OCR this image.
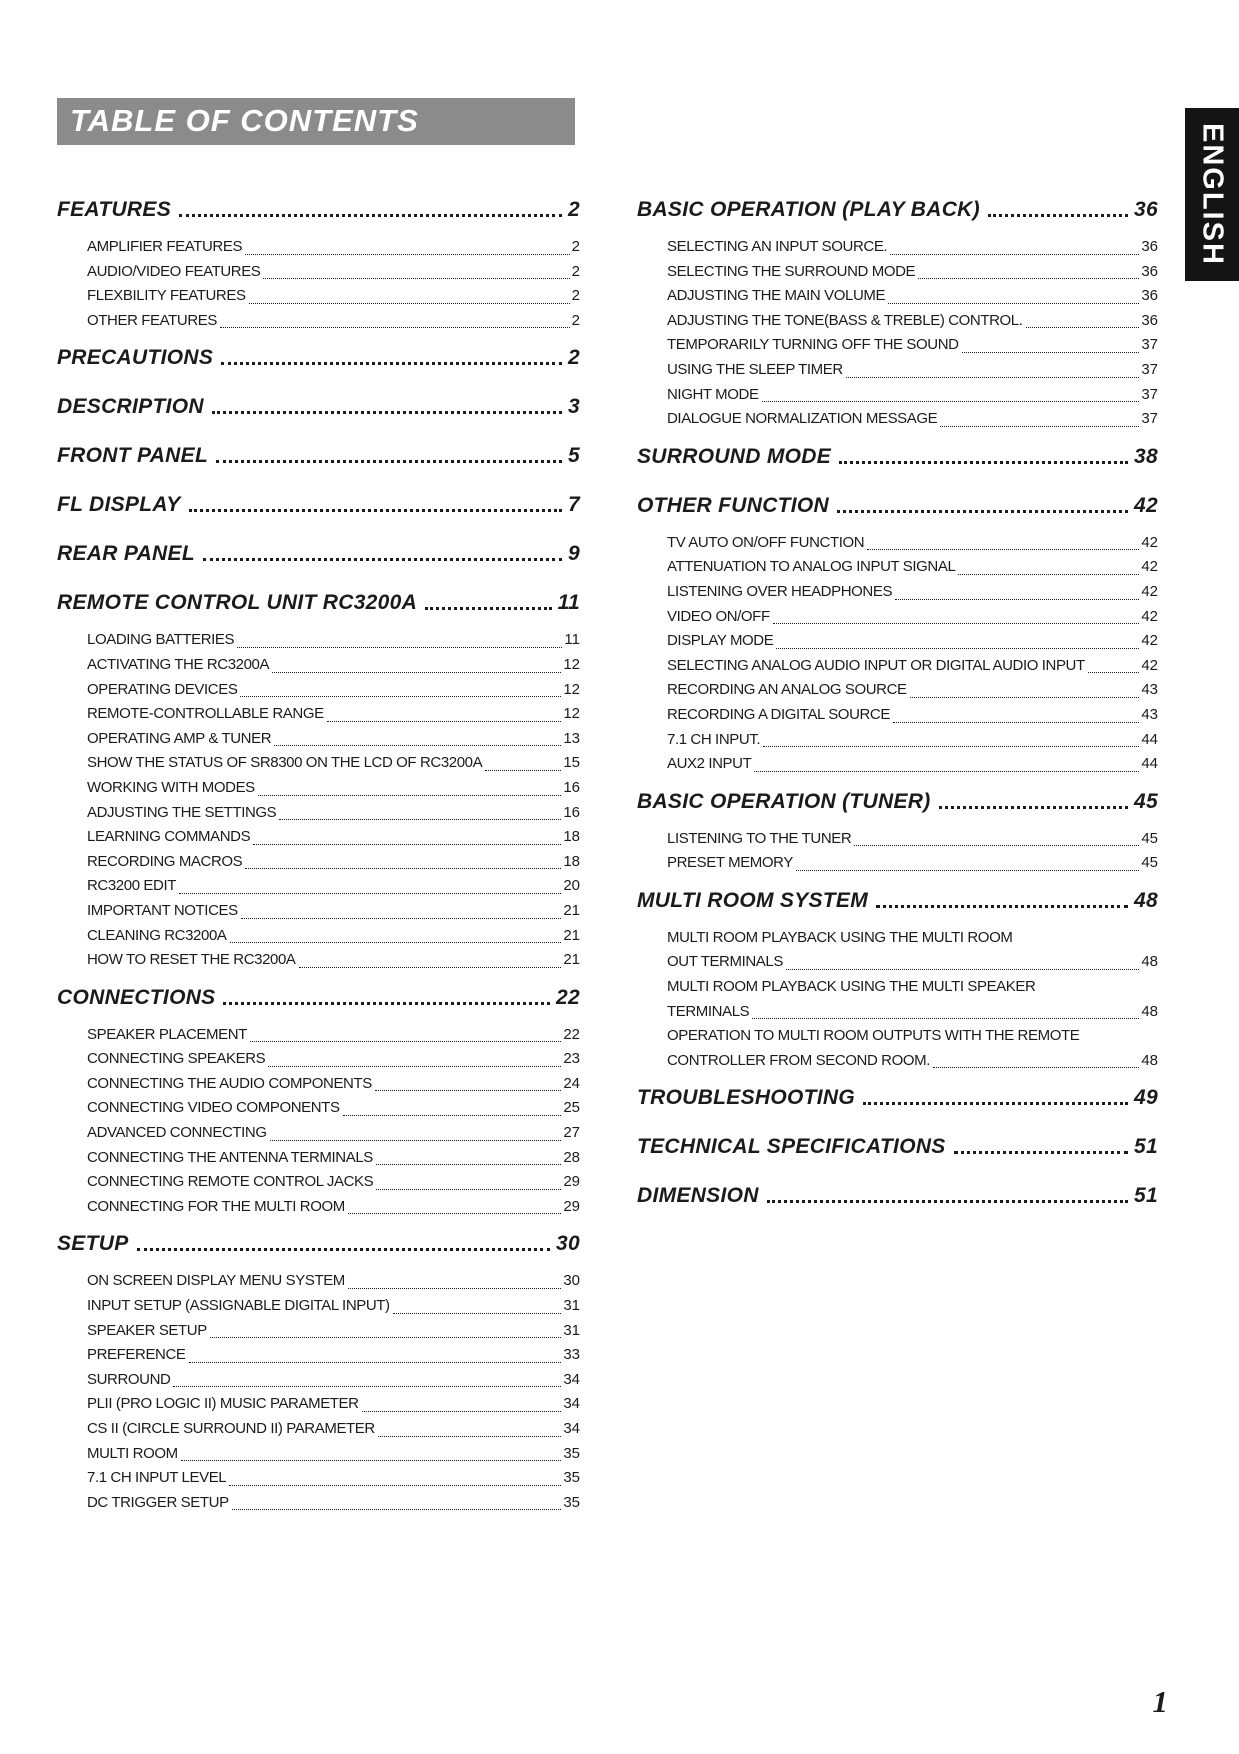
TABLE OF CONTENTS
ENGLISH
FEATURES	2
AMPLIFIER FEATURES	2
AUDIO/VIDEO FEATURES	2
FLEXBILITY FEATURES	2
OTHER FEATURES	2
PRECAUTIONS	2
DESCRIPTION	3
FRONT PANEL	5
FL DISPLAY	7
REAR PANEL	9
REMOTE CONTROL UNIT RC3200A	11
LOADING BATTERIES	11
ACTIVATING THE RC3200A	12
OPERATING DEVICES	12
REMOTE-CONTROLLABLE RANGE	12
OPERATING AMP & TUNER	13
SHOW THE STATUS OF SR8300 ON THE LCD OF RC3200A	15
WORKING WITH MODES	16
ADJUSTING THE SETTINGS	16
LEARNING COMMANDS	18
RECORDING MACROS	18
RC3200 EDIT	20
IMPORTANT NOTICES	21
CLEANING RC3200A	21
HOW TO RESET THE RC3200A	21
CONNECTIONS	22
SPEAKER PLACEMENT	22
CONNECTING SPEAKERS	23
CONNECTING THE AUDIO COMPONENTS	24
CONNECTING VIDEO COMPONENTS	25
ADVANCED CONNECTING	27
CONNECTING THE ANTENNA TERMINALS	28
CONNECTING REMOTE CONTROL JACKS	29
CONNECTING FOR THE MULTI ROOM	29
SETUP	30
ON SCREEN DISPLAY MENU SYSTEM	30
INPUT SETUP (ASSIGNABLE DIGITAL INPUT)	31
SPEAKER SETUP	31
PREFERENCE	33
SURROUND	34
PLII (PRO LOGIC II) MUSIC PARAMETER	34
CS II (CIRCLE SURROUND II) PARAMETER	34
MULTI ROOM	35
7.1 CH INPUT LEVEL	35
DC TRIGGER SETUP	35
BASIC OPERATION (PLAY BACK)	36
SELECTING AN INPUT SOURCE.	36
SELECTING THE SURROUND MODE	36
ADJUSTING THE MAIN VOLUME	36
ADJUSTING THE TONE(BASS & TREBLE) CONTROL.	36
TEMPORARILY TURNING OFF THE SOUND	37
USING THE SLEEP TIMER	37
NIGHT MODE	37
DIALOGUE NORMALIZATION MESSAGE	37
SURROUND MODE	38
OTHER FUNCTION	42
TV AUTO ON/OFF FUNCTION	42
ATTENUATION TO ANALOG INPUT SIGNAL	42
LISTENING OVER HEADPHONES	42
VIDEO ON/OFF	42
DISPLAY MODE	42
SELECTING ANALOG AUDIO INPUT OR DIGITAL AUDIO INPUT	42
RECORDING AN ANALOG SOURCE	43
RECORDING A DIGITAL SOURCE	43
7.1 CH INPUT.	44
AUX2 INPUT	44
BASIC OPERATION (TUNER)	45
LISTENING TO THE TUNER	45
PRESET MEMORY	45
MULTI ROOM SYSTEM	48
MULTI ROOM PLAYBACK USING THE MULTI ROOM
OUT TERMINALS	48
MULTI ROOM PLAYBACK USING THE MULTI SPEAKER
TERMINALS	48
OPERATION TO MULTI ROOM OUTPUTS WITH THE REMOTE
CONTROLLER FROM SECOND ROOM.	48
TROUBLESHOOTING	49
TECHNICAL SPECIFICATIONS	51
DIMENSION	51
1
